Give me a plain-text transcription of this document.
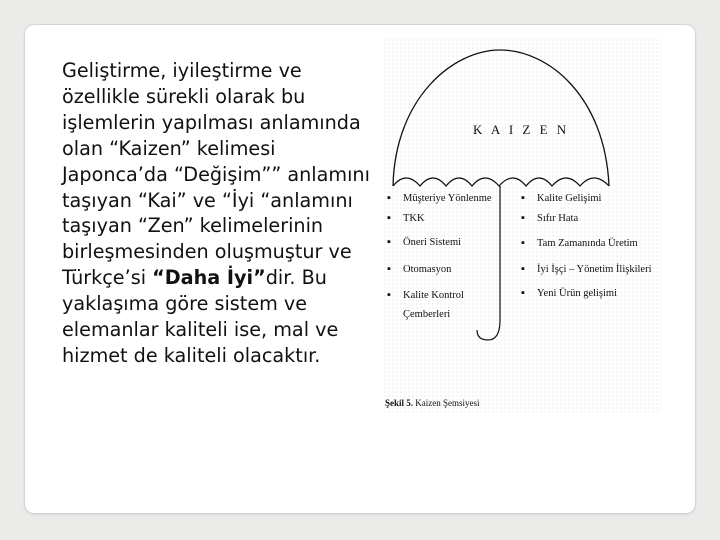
Geliştirme, iyileştirme ve özellikle sürekli olarak bu işlemlerin yapılması anlamında olan “Kaizen” kelimesi Japonca’da “Değişim”” anlamını taşıyan “Kai” ve “İyi “anlamını taşıyan “Zen” kelimelerinin birleşmesinden oluşmuştur ve Türkçe’si “Daha İyi”dir. Bu yaklaşıma göre sistem ve elemanlar kaliteli ise, mal ve hizmet de kaliteli olacaktır.

K A I Z E N
▪ Müşteriye Yönlenme
▪ TKK
▪ Öneri Sistemi
▪ Otomasyon
▪ Kalite Kontrol
Çemberleri
▪ Kalite Gelişimi
▪ Sıfır Hata
▪ Tam Zamanında Üretim
▪ İyi İşçi – Yönetim İlişkileri
▪ Yeni Ürün gelişimi
Şekil 5. Kaizen Şemsiyesi
